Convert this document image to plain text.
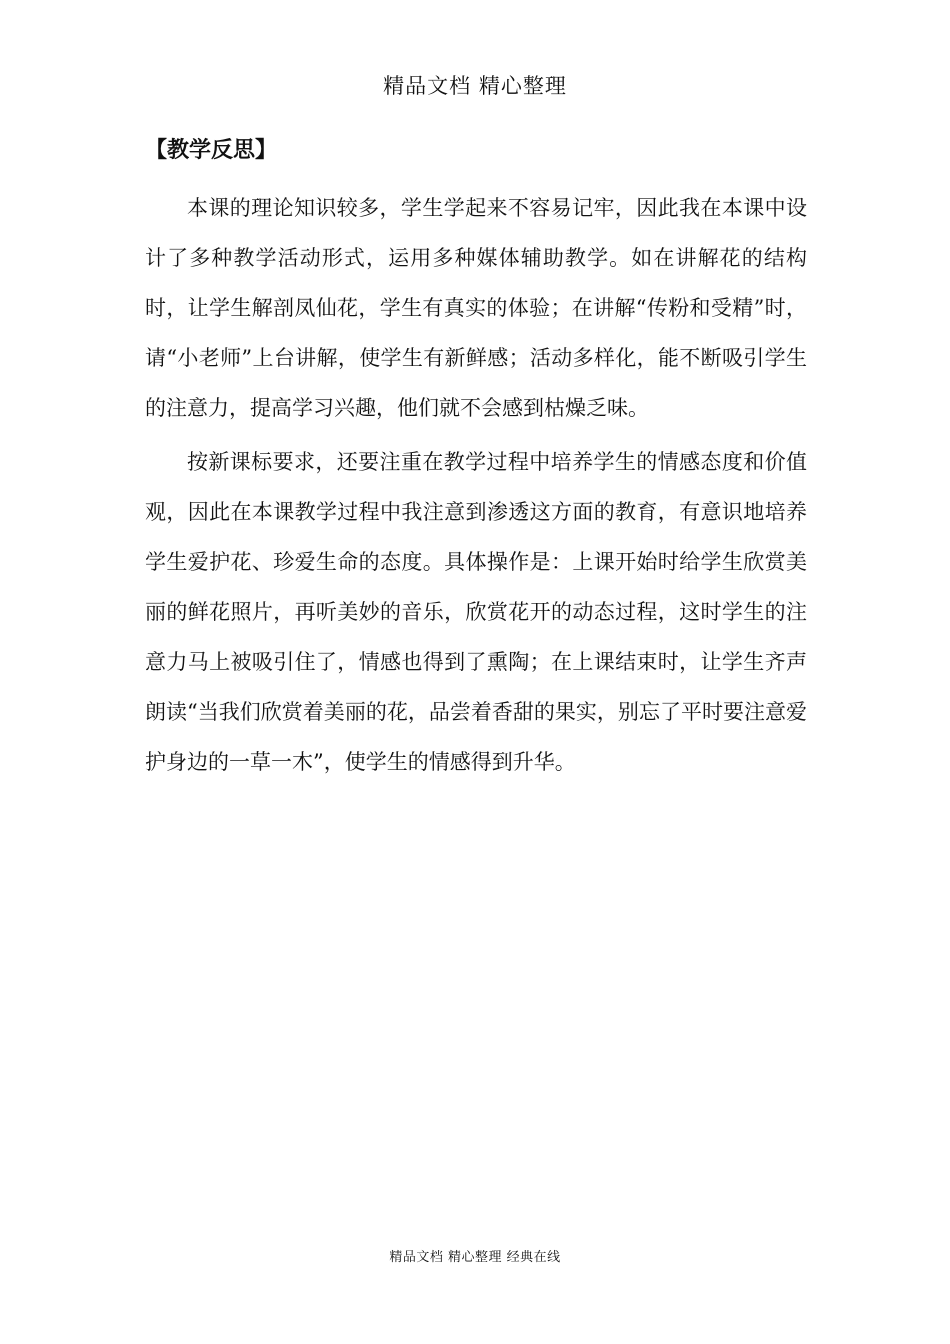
精品文档 精心整理
【教学反思】

本课的理论知识较多，学生学起来不容易记牢，因此我在本课中设计了多种教学活动形式，运用多种媒体辅助教学。如在讲解花的结构时，让学生解剖凤仙花，学生有真实的体验；在讲解“传粉和受精”时，请“小老师”上台讲解，使学生有新鲜感；活动多样化，能不断吸引学生的注意力，提高学习兴趣，他们就不会感到枯燥乏味。

按新课标要求，还要注重在教学过程中培养学生的情感态度和价值观，因此在本课教学过程中我注意到渗透这方面的教育，有意识地培养学生爱护花、珍爱生命的态度。具体操作是：上课开始时给学生欣赏美丽的鲜花照片，再听美妙的音乐，欣赏花开的动态过程，这时学生的注意力马上被吸引住了，情感也得到了熏陶；在上课结束时，让学生齐声朗读“当我们欣赏着美丽的花，品尝着香甜的果实，别忘了平时要注意爱护身边的一草一木”，使学生的情感得到升华。

精品文档 精心整理 经典在线
